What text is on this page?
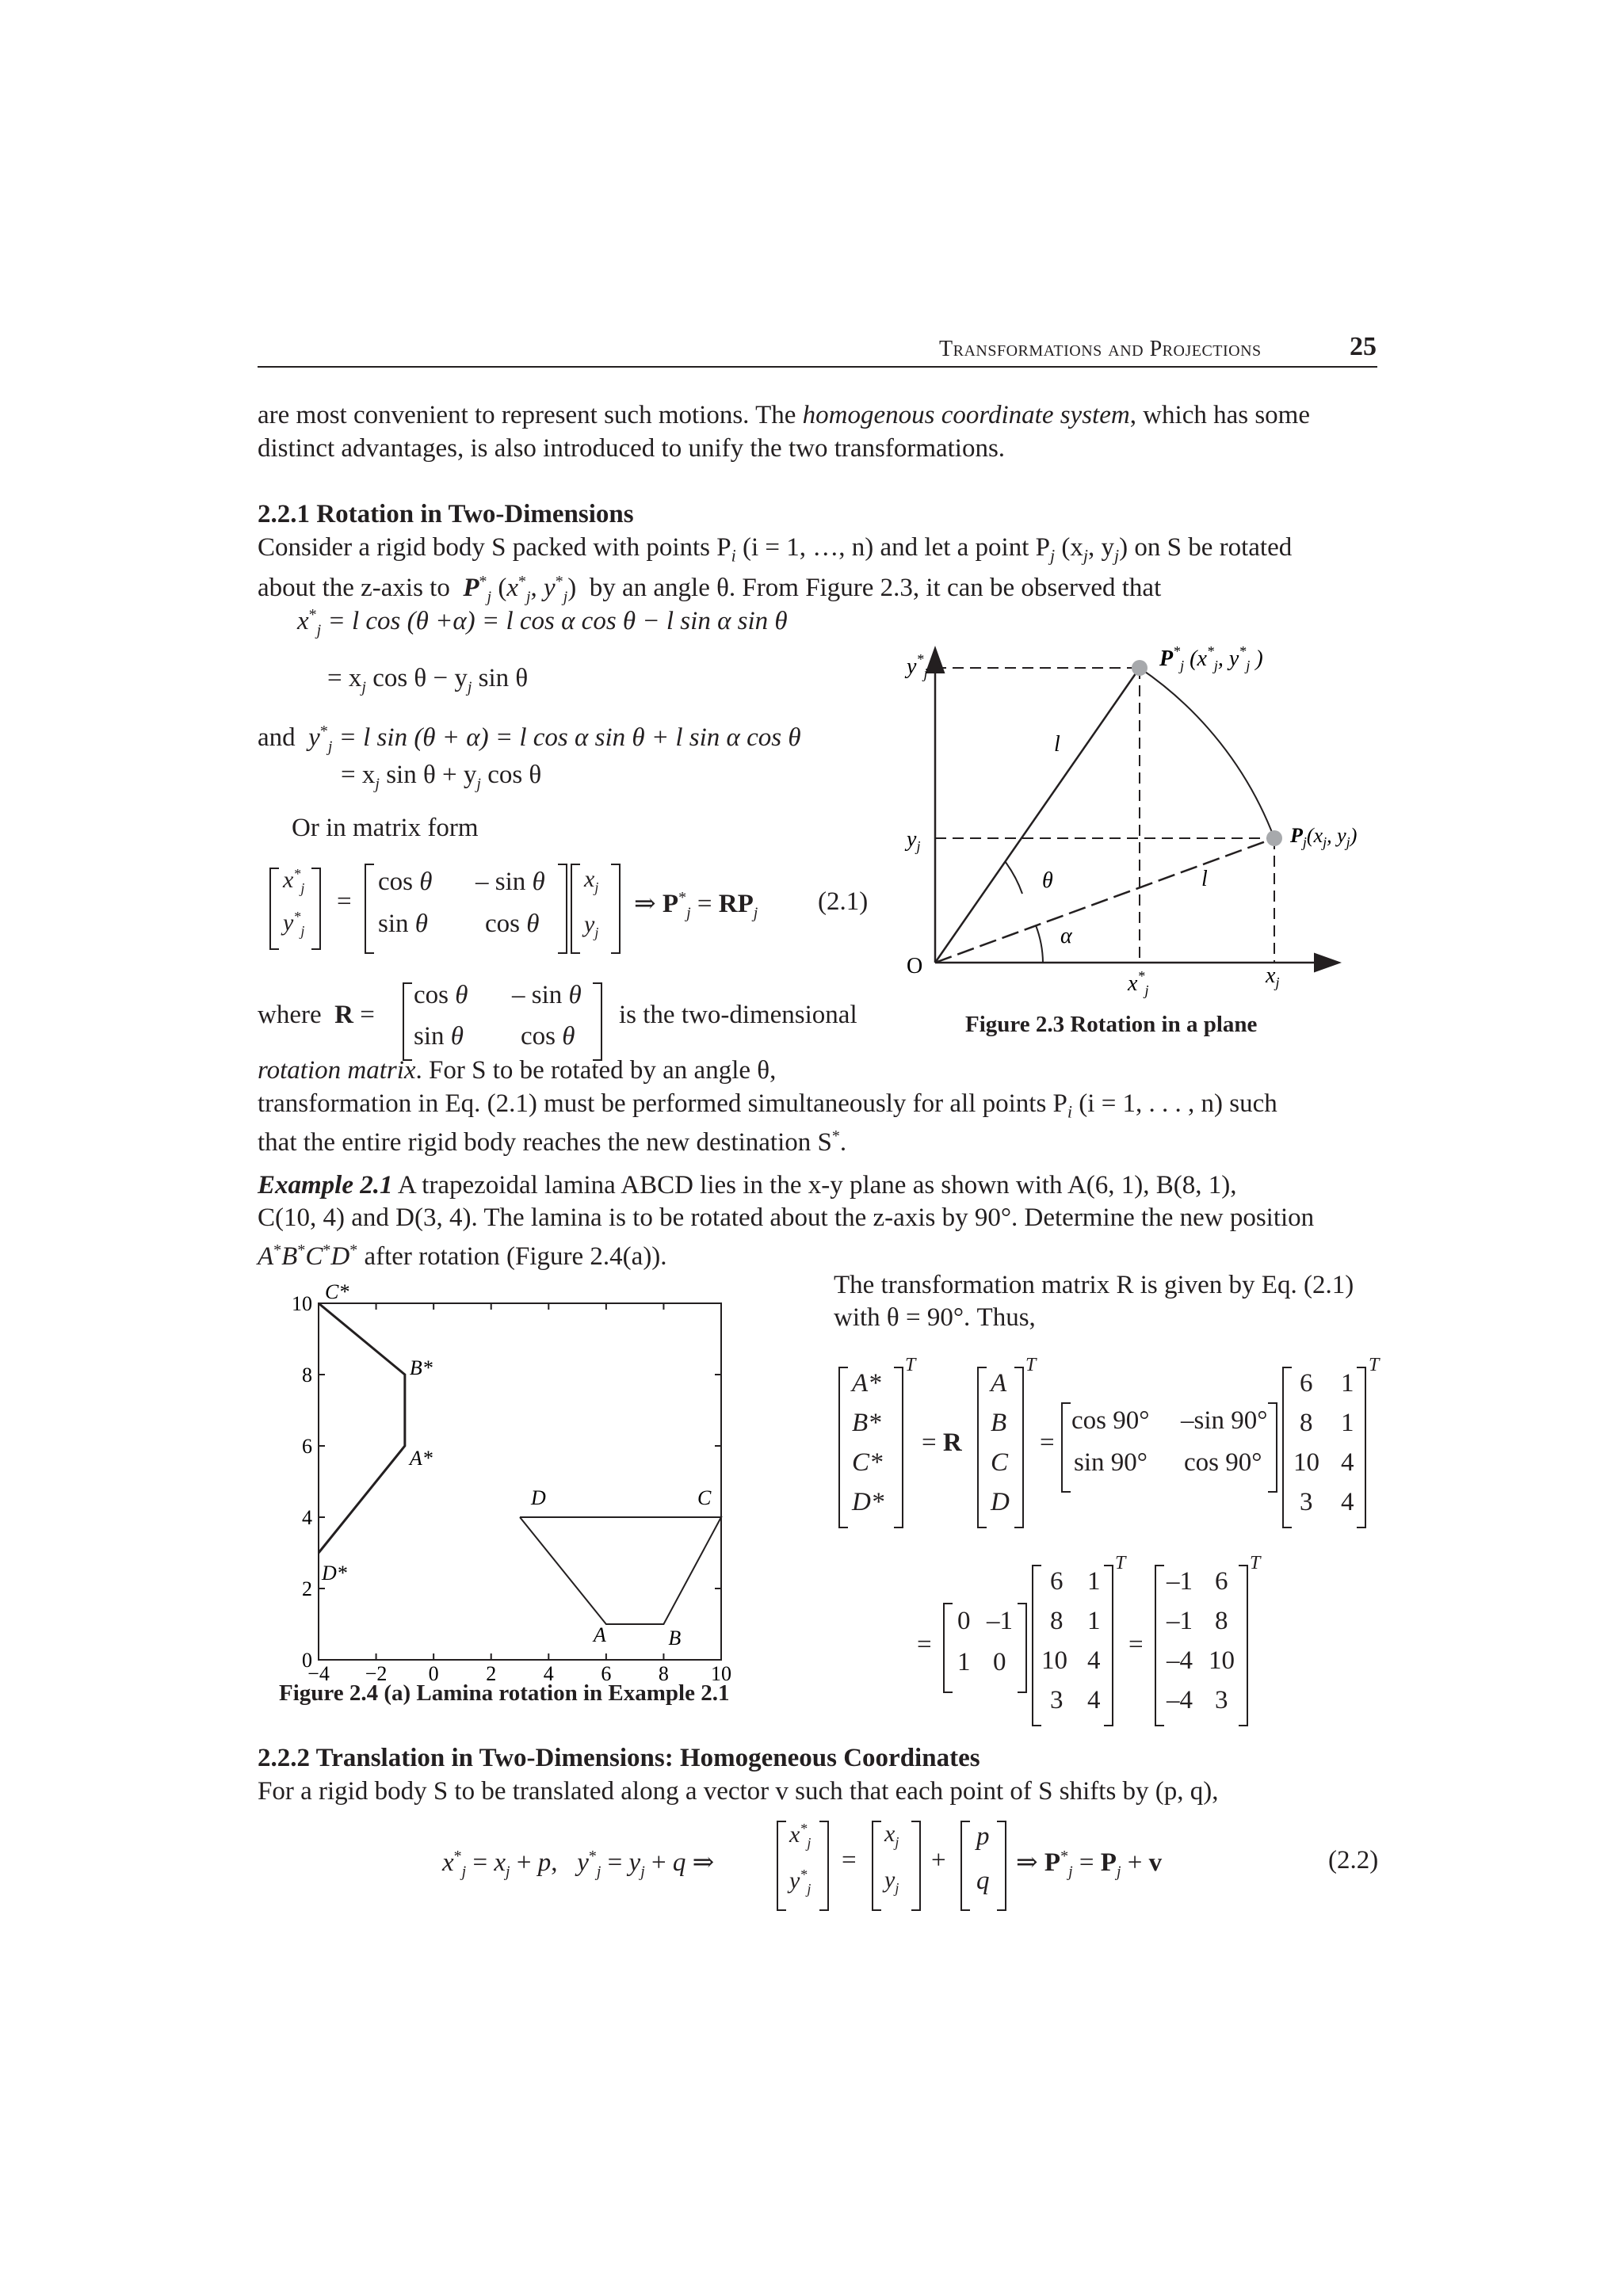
Transformations and Projections	25
are most convenient to represent such motions. The homogenous coordinate system, which has some
distinct advantages, is also introduced to unify the two transformations.
2.2.1 Rotation in Two-Dimensions
Consider a rigid body S packed with points $P_i$ (i = 1, …, n) and let a point $P_j$ ($x_j$, $y_j$) on S be rotated
about the z-axis to  $P^*_j$ ($x^*_j$, $y^*_j$)  by an angle θ. From Figure 2.3, it can be observed that
$x^*_j = l$ cos (θ +α) = l cos α cos θ − l sin α sin θ
= $x_j$ $\cos \theta - y_j$ sin θ
and $y^*_j = l$ sin (θ + α) = l cos α sin θ + l sin α cos θ
= $x_j$ $\sin \theta + y_j$ cos θ
Or in matrix form
$x^*_j$
$y^*_j$
=
cos θ – sin θ
sin θ cos θ
$x_j$
$y_j$
⇒ $P^*_j = RP_j$ (2.1)
where R =
cos θ – sin θ
sin θ cos θ
is the two-dimensional
rotation matrix. For S to be rotated by an angle θ,
transformation in Eq. (2.1) must be performed simultaneously for all points $P_i$ (i = 1, . . . , n) such
that the entire rigid body reaches the new destination S*.
$y^*_j$
$y_j$
O
$P^*_j$ ($x^*_j$, $y^*_j$ )
$P_j(x_j$, $y_j$)
l
l
θ
α
$x^*_j$
$x_j$
Figure 2.3 Rotation in a plane
Example 2.1 A trapezoidal lamina ABCD lies in the x-y plane as shown with A(6, 1), B(8, 1),
C(10, 4) and D(3, 4). The lamina is to be rotated about the z-axis by 90°. Determine the new position
A*B*C*D* after rotation (Figure 2.4(a)).
The transformation matrix R is given by Eq. (2.1)
with θ = 90°. Thus,
−4 −2 0 2 4 6 8 10
0
2
4
6
8
10
D	C
B
A
D*
A*
B*
C*
Figure 2.4 (a) Lamina rotation in Example 2.1
A*
B*
C*
D*
T
= R
A
B
C
D
T
=
cos 90° –sin 90°
sin 90° cos 90°
6 1
8 1
10 4
3 4
T
=
0 –1
1 0
6 1
8 1
10 4
3 4
T
=
–1 6
–1 8
–4 10
–4 3
T
2.2.2 Translation in Two-Dimensions: Homogeneous Coordinates
For a rigid body S to be translated along a vector v such that each point of S shifts by (p, q),
$x^*_j = x_j + p$,   $y^*_j = y_j + q$ ⇒
$x^*_j$
$y^*_j$
=
$x_j$
$y_j$
+
p
q
⇒ $P^*_j = P_j + v$	(2.2)
